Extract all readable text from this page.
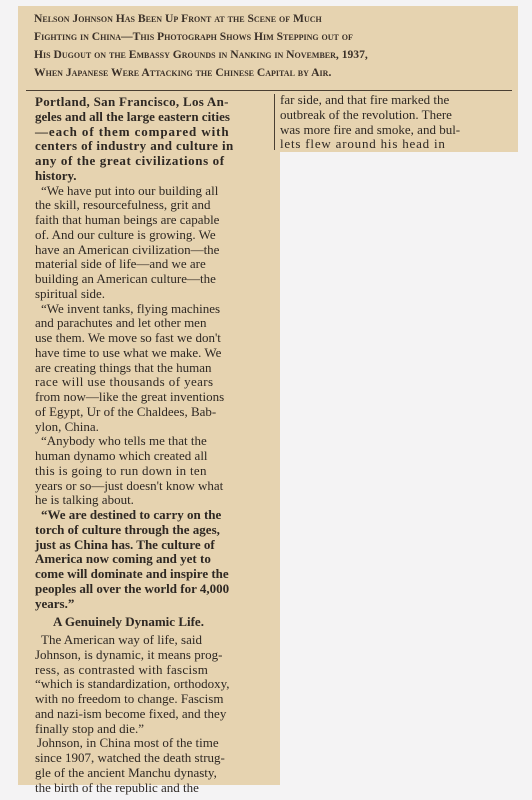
Nelson Johnson Has Been Up Front at the Scene of Much
Fighting in China—This Photograph Shows Him Stepping out of
His Dugout on the Embassy Grounds in Nanking in November, 1937,
When Japanese Were Attacking the Chinese Capital by Air.
Portland, San Francisco, Los An-
geles and all the large eastern cities
—each of them compared with
centers of industry and culture in
any of the great civilizations of
history.
“We have put into our building all
the skill, resourcefulness, grit and
faith that human beings are capable
of. And our culture is growing. We
have an American civilization—the
material side of life—and we are
building an American culture—the
spiritual side.
“We invent tanks, flying machines
and parachutes and let other men
use them. We move so fast we don't
have time to use what we make. We
are creating things that the human
race will use thousands of years
from now—like the great inventions
of Egypt, Ur of the Chaldees, Bab-
ylon, China.
“Anybody who tells me that the
human dynamo which created all
this is going to run down in ten
years or so—just doesn't know what
he is talking about.
“We are destined to carry on the
torch of culture through the ages,
just as China has. The culture of
America now coming and yet to
come will dominate and inspire the
peoples all over the world for 4,000
years.”
A Genuinely Dynamic Life.
The American way of life, said
Johnson, is dynamic, it means prog-
ress, as contrasted with fascism
“which is standardization, orthodoxy,
with no freedom to change. Fascism
and nazi-ism become fixed, and they
finally stop and die.”
Johnson, in China most of the time
since 1907, watched the death strug-
gle of the ancient Manchu dynasty,
the birth of the republic and the
far side, and that fire marked the
outbreak of the revolution. There
was more fire and smoke, and bul-
lets flew around his head in
